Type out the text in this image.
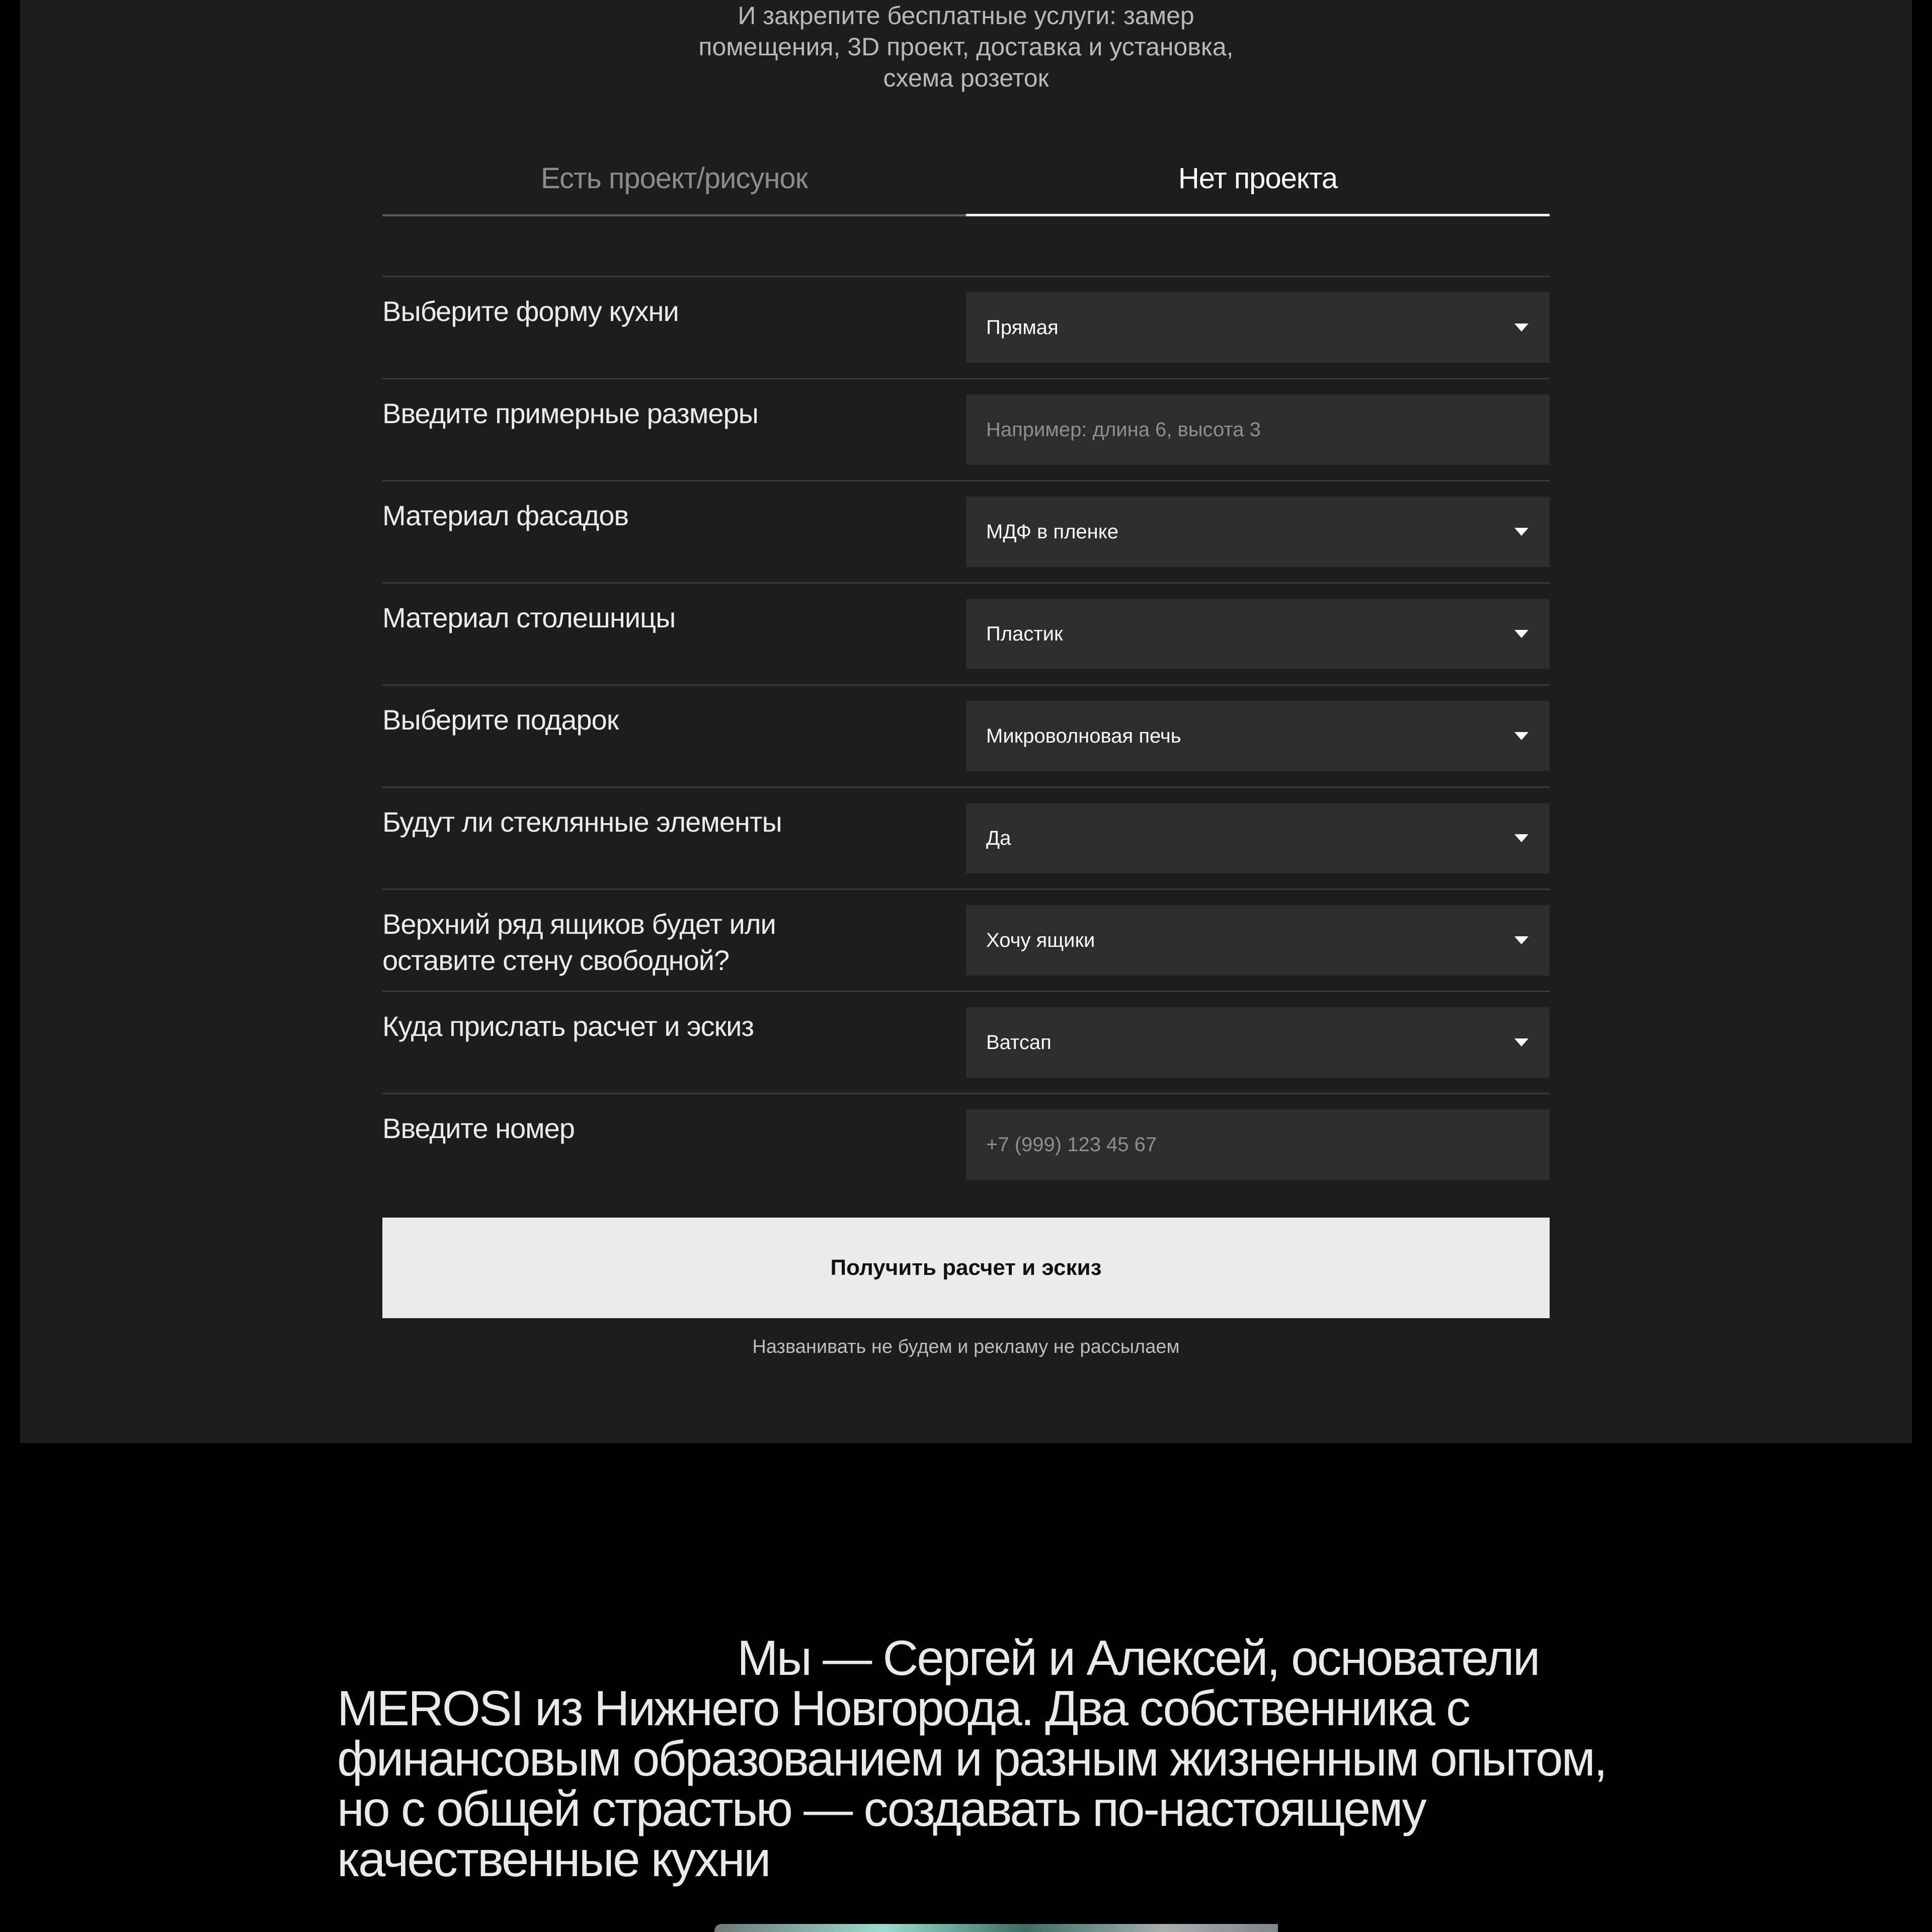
И закрепите бесплатные услуги: замер
помещения, 3D проект, доставка и установка,
схема розеток
Есть проект/рисунок	Нет проекта
Выберите форму кухни
Прямая
Введите примерные размеры
Например: длина 6, высота 3
Материал фасадов
МДФ в пленке
Материал столешницы
Пластик
Выберите подарок
Микроволновая печь
Будут ли стеклянные элементы
Да
Верхний ряд ящиков будет или
оставите стену свободной?
Хочу ящики
Куда прислать расчет и эскиз
Ватсап
Введите номер
+7 (999) 123 45 67
Получить расчет и эскиз
Названивать не будем и рекламу не рассылаем
Мы — Сергей и Алексей, основатели
MEROSI из Нижнего Новгорода. Два собственника с
финансовым образованием и разным жизненным опытом,
но с общей страстью — создавать по-настоящему
качественные кухни
